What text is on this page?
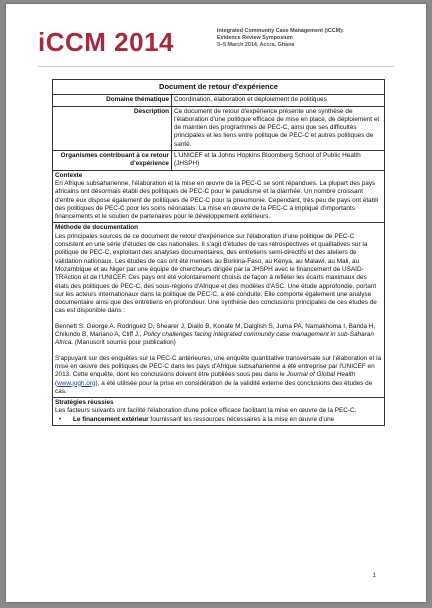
iCCM 2014	Integrated Community Case Management (iCCM):
Evidence Review Symposium
3–5 March 2014, Accra, Ghana
Document de retour d'expérience	
Domaine thématique	Coordination, élaboration et déploiement de politiques
Description	Ce document de retour d'expérience présente une synthèse de l'élaboration d'une politique efficace de mise en place, de déploiement et de maintien des programmes de PEC-C, ainsi que ses difficultés principales et les liens entre politique de PEC-C et autres politiques de santé.
Organismes contribuant à ce retour d'expérience	L'UNICEF et la Johns Hopkins Bloomberg School of Public Health (JHSPH)

Contexte

En Afrique subsaharienne, l'élaboration et la mise en œuvre de la PEC-C se sont répandues. La plupart des pays africains ont désormais établi des politiques de PEC-C pour le paludisme et la diarrhée. Un nombre croissant d'entre eux dispose également de politiques de PEC-C pour la pneumonie. Cependant, très peu de pays ont établi des politiques de PEC-C pour les soins néonatals. La mise en œuvre de la PEC-C a impliqué d'importants financements et le soutien de partenaires pour le développement extérieurs.	

Méthode de documentation

Les principales sources de ce document de retour d'expérience sur l'élaboration d'une politique de PEC-C consistent en une série d'études de cas nationales. Il s'agit d'études de cas rétrospectives et qualitatives sur la politique de PEC-C, exploitant des analyses documentaires, des entretiens semi-directifs et des ateliers de validation nationaux. Les études de cas ont été menées au Burkina-Faso, au Kenya, au Malawi, au Mali, au Mozambique et au Niger par une équipe de chercheurs dirigée par la JHSPH avec le financement de USAID-TRAction et de l'UNICEF. Ces pays ont été volontairement choisis de façon à refléter les écarts maximaux des états des politiques de PEC-C, des sous-régions d'Afrique et des modèles d'ASC. Une étude approfondie, portant sur les acteurs internationaux dans la politique de PEC-C, a été conduite. Elle comporte également une analyse documentaire ainsi que des entretiens en profondeur. Une synthèse des conclusions principales de ces études de cas est disponible dans :

Bennett S. George A. Rodriguez D, Shearer J, Diallo B, Konate M, Dalglish S, Juma PA, Namakhoma I, Banda H, Chilundo B, Mariano A, Cliff J., Policy challenges facing integrated community case management in sub-Saharan Africa. (Manuscrit soumis pour publication)

S'appuyant sur des enquêtes sur la PEC-C antérieures, une enquête quantitative transversale sur l'élaboration et la mise en œuvre des politiques de PEC-C dans les pays d'Afrique subsaharienne a été entreprise par l'UNICEF en 2013. Cette enquête, dont les conclusions doivent être publiées sous peu dans le Journal of Global Health (www.jogh.org), a été utilisée pour la prise en considération de la validité externe des conclusions des études de cas.	

Stratégies réussies

Les facteurs suivants ont facilité l'élaboration d'une police efficace facilitant la mise en œuvre de la PEC-C.

• Le financement extérieur fournissant les ressources nécessaires à la mise en œuvre d'une	
1
